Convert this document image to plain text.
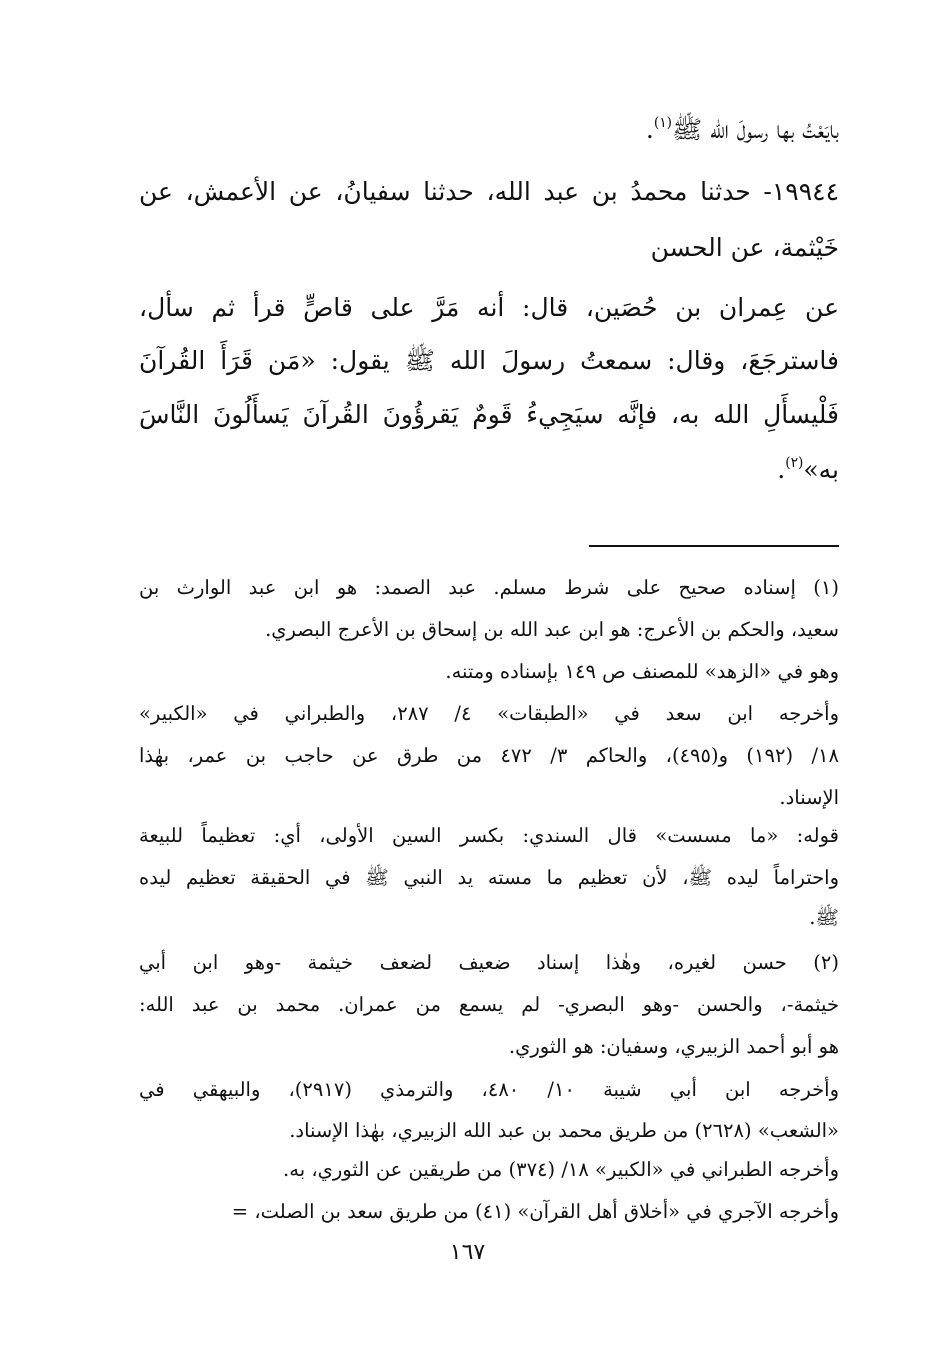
بايَعْتُ بها رسولَ الله ﷺ$^{(١)}$.
١٩٩٤٤- حدثنا محمدُ بن عبد الله، حدثنا سفيانُ، عن الأعمش، عن
خَيْثمة، عن الحسن
عن عِمران بن حُصَين، قال: أنه مَرَّ على قاصٍّ قرأ ثم سأل،
فاسترجَعَ، وقال: سمعتُ رسولَ الله ﷺ يقول: «مَن قَرَأَ القُرآنَ
فَلْيسأَلِ الله به، فإنَّه سيَجِيءُ قَومٌ يَقرؤُونَ القُرآنَ يَسأَلُونَ النَّاسَ
به»$^{(٢)}$.
(١) إسناده صحيح على شرط مسلم. عبد الصمد: هو ابن عبد الوارث بن
سعيد، والحكم بن الأعرج: هو ابن عبد الله بن إسحاق بن الأعرج البصري.
وهو في «الزهد» للمصنف ص ١٤٩ بإسناده ومتنه.
وأخرجه ابن سعد في «الطبقات» ٤/ ٢٨٧، والطبراني في «الكبير»
١٨/ (١٩٢) و(٤٩٥)، والحاكم ٣/ ٤٧٢ من طرق عن حاجب بن عمر، بهٰذا
الإسناد.
قوله: «ما مسست» قال السندي: بكسر السين الأولى، أي: تعظيماً للبيعة
واحتراماً ليده ﷺ، لأن تعظيم ما مسته يد النبي ﷺ في الحقيقة تعظيم ليده
ﷺ.
(٢) حسن لغيره، وهٰذا إسناد ضعيف لضعف خيثمة -وهو ابن أبي
خيثمة-، والحسن -وهو البصري- لم يسمع من عمران. محمد بن عبد الله:
هو أبو أحمد الزبيري، وسفيان: هو الثوري.
وأخرجه ابن أبي شيبة ١٠/ ٤٨٠، والترمذي (٢٩١٧)، والبيهقي في
«الشعب» (٢٦٢٨) من طريق محمد بن عبد الله الزبيري، بهٰذا الإسناد.
وأخرجه الطبراني في «الكبير» ١٨/ (٣٧٤) من طريقين عن الثوري، به.
وأخرجه الآجري في «أخلاق أهل القرآن» (٤١) من طريق سعد بن الصلت، =
١٦٧
